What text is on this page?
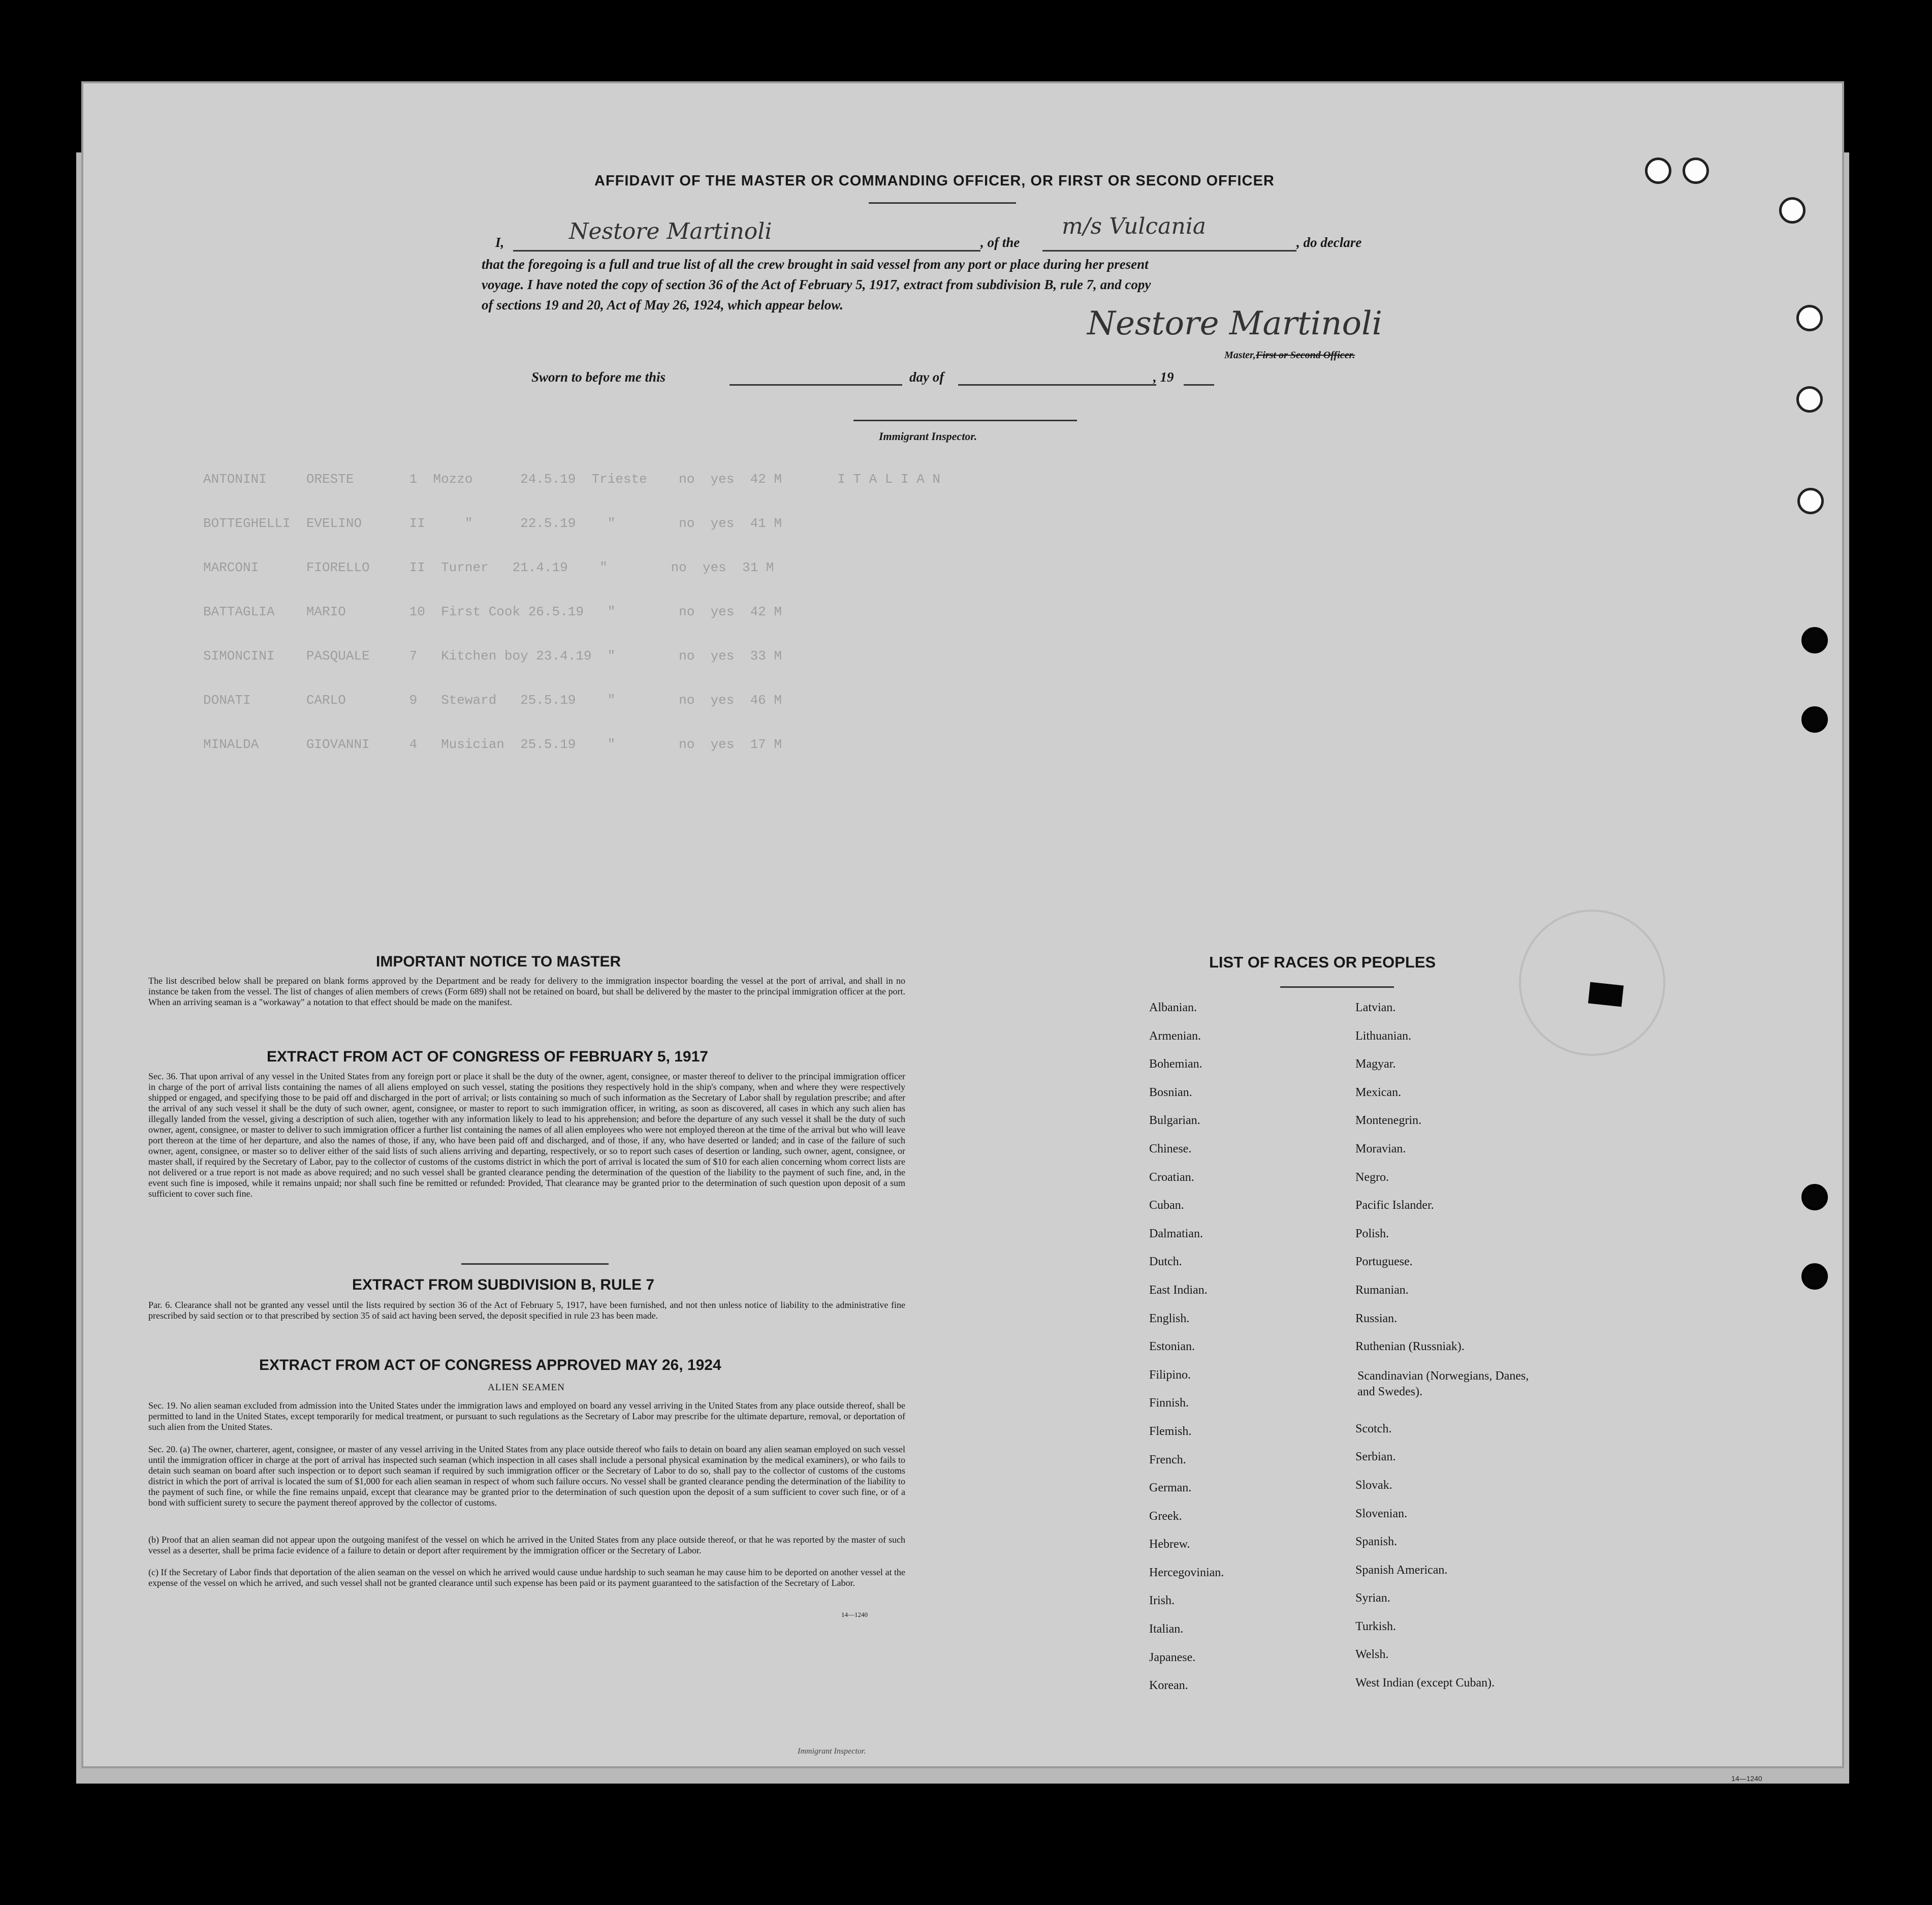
14—1240
ANTONINI     ORESTE       1  Mozzo      24.5.19  Trieste    no  yes  42 M       I T A L I A N
BOTTEGHELLI  EVELINO      II     "      22.5.19    "        no  yes  41 M
MARCONI      FIORELLO     II  Turner   21.4.19    "        no  yes  31 M
BATTAGLIA    MARIO        10  First Cook 26.5.19   "        no  yes  42 M
SIMONCINI    PASQUALE     7   Kitchen boy 23.4.19  "        no  yes  33 M
DONATI       CARLO        9   Steward   25.5.19    "        no  yes  46 M
MINALDA      GIOVANNI     4   Musician  25.5.19    "        no  yes  17 M
AFFIDAVIT OF THE MASTER OR COMMANDING OFFICER, OR FIRST OR SECOND OFFICER
I,	Nestore Martinoli	, of the
m/s Vulcania
, do declare
that the foregoing is a full and true list of all the crew brought in said vessel from any port or place during her present
voyage. I have noted the copy of section 36 of the Act of February 5, 1917, extract from subdivision B, rule 7, and copy
of sections 19 and 20, Act of May 26, 1924, which appear below.	Nestore Martinoli
Master, First or Second Officer.
Sworn to before me this	day of	, 19
Immigrant Inspector.
IMPORTANT NOTICE TO MASTER
The list described below shall be prepared on blank forms approved by the Department and be ready for delivery to the immigration inspector boarding the vessel at the port of arrival, and shall in no instance be taken from the vessel. The list of changes of alien members of crews (Form 689) shall not be retained on board, but shall be delivered by the master to the principal immigration officer at the port. When an arriving seaman is a "workaway" a notation to that effect should be made on the manifest.
EXTRACT FROM ACT OF CONGRESS OF FEBRUARY 5, 1917
Sec. 36. That upon arrival of any vessel in the United States from any foreign port or place it shall be the duty of the owner, agent, consignee, or master thereof to deliver to the principal immigration officer in charge of the port of arrival lists containing the names of all aliens employed on such vessel, stating the positions they respectively hold in the ship's company, when and where they were respectively shipped or engaged, and specifying those to be paid off and discharged in the port of arrival; or lists containing so much of such information as the Secretary of Labor shall by regulation prescribe; and after the arrival of any such vessel it shall be the duty of such owner, agent, consignee, or master to report to such immigration officer, in writing, as soon as discovered, all cases in which any such alien has illegally landed from the vessel, giving a description of such alien, together with any information likely to lead to his apprehension; and before the departure of any such vessel it shall be the duty of such owner, agent, consignee, or master to deliver to such immigration officer a further list containing the names of all alien employees who were not employed thereon at the time of the arrival but who will leave port thereon at the time of her departure, and also the names of those, if any, who have been paid off and discharged, and of those, if any, who have deserted or landed; and in case of the failure of such owner, agent, consignee, or master so to deliver either of the said lists of such aliens arriving and departing, respectively, or so to report such cases of desertion or landing, such owner, agent, consignee, or master shall, if required by the Secretary of Labor, pay to the collector of customs of the customs district in which the port of arrival is located the sum of $10 for each alien concerning whom correct lists are not delivered or a true report is not made as above required; and no such vessel shall be granted clearance pending the determination of the question of the liability to the payment of such fine, and, in the event such fine is imposed, while it remains unpaid; nor shall such fine be remitted or refunded: Provided, That clearance may be granted prior to the determination of such question upon deposit of a sum sufficient to cover such fine.
EXTRACT FROM SUBDIVISION B, RULE 7
Par. 6. Clearance shall not be granted any vessel until the lists required by section 36 of the Act of February 5, 1917, have been furnished, and not then unless notice of liability to the administrative fine prescribed by said section or to that prescribed by section 35 of said act having been served, the deposit specified in rule 23 has been made.
EXTRACT FROM ACT OF CONGRESS APPROVED MAY 26, 1924
ALIEN SEAMEN
Sec. 19. No alien seaman excluded from admission into the United States under the immigration laws and employed on board any vessel arriving in the United States from any place outside thereof, shall be permitted to land in the United States, except temporarily for medical treatment, or pursuant to such regulations as the Secretary of Labor may prescribe for the ultimate departure, removal, or deportation of such alien from the United States.
Sec. 20. (a) The owner, charterer, agent, consignee, or master of any vessel arriving in the United States from any place outside thereof who fails to detain on board any alien seaman employed on such vessel until the immigration officer in charge at the port of arrival has inspected such seaman (which inspection in all cases shall include a personal physical examination by the medical examiners), or who fails to detain such seaman on board after such inspection or to deport such seaman if required by such immigration officer or the Secretary of Labor to do so, shall pay to the collector of customs of the customs district in which the port of arrival is located the sum of $1,000 for each alien seaman in respect of whom such failure occurs. No vessel shall be granted clearance pending the determination of the liability to the payment of such fine, or while the fine remains unpaid, except that clearance may be granted prior to the determination of such question upon the deposit of a sum sufficient to cover such fine, or of a bond with sufficient surety to secure the payment thereof approved by the collector of customs.
(b) Proof that an alien seaman did not appear upon the outgoing manifest of the vessel on which he arrived in the United States from any place outside thereof, or that he was reported by the master of such vessel as a deserter, shall be prima facie evidence of a failure to detain or deport after requirement by the immigration officer or the Secretary of Labor.
(c) If the Secretary of Labor finds that deportation of the alien seaman on the vessel on which he arrived would cause undue hardship to such seaman he may cause him to be deported on another vessel at the expense of the vessel on which he arrived, and such vessel shall not be granted clearance until such expense has been paid or its payment guaranteed to the satisfaction of the Secretary of Labor.
14—1240
LIST OF RACES OR PEOPLES
Albanian.
Armenian.
Bohemian.
Bosnian.
Bulgarian.
Chinese.
Croatian.
Cuban.
Dalmatian.
Dutch.
East Indian.
English.
Estonian.
Filipino.
Finnish.
Flemish.
French.
German.
Greek.
Hebrew.
Hercegovinian.
Irish.
Italian.
Japanese.
Korean.
Latvian.
Lithuanian.
Magyar.
Mexican.
Montenegrin.
Moravian.
Negro.
Pacific Islander.
Polish.
Portuguese.
Rumanian.
Russian.
Ruthenian (Russniak).
Scandinavian (Norwegians, Danes, and Swedes).
Scotch.
Serbian.
Slovak.
Slovenian.
Spanish.
Spanish American.
Syrian.
Turkish.
Welsh.
West Indian (except Cuban).
Immigrant Inspector.
